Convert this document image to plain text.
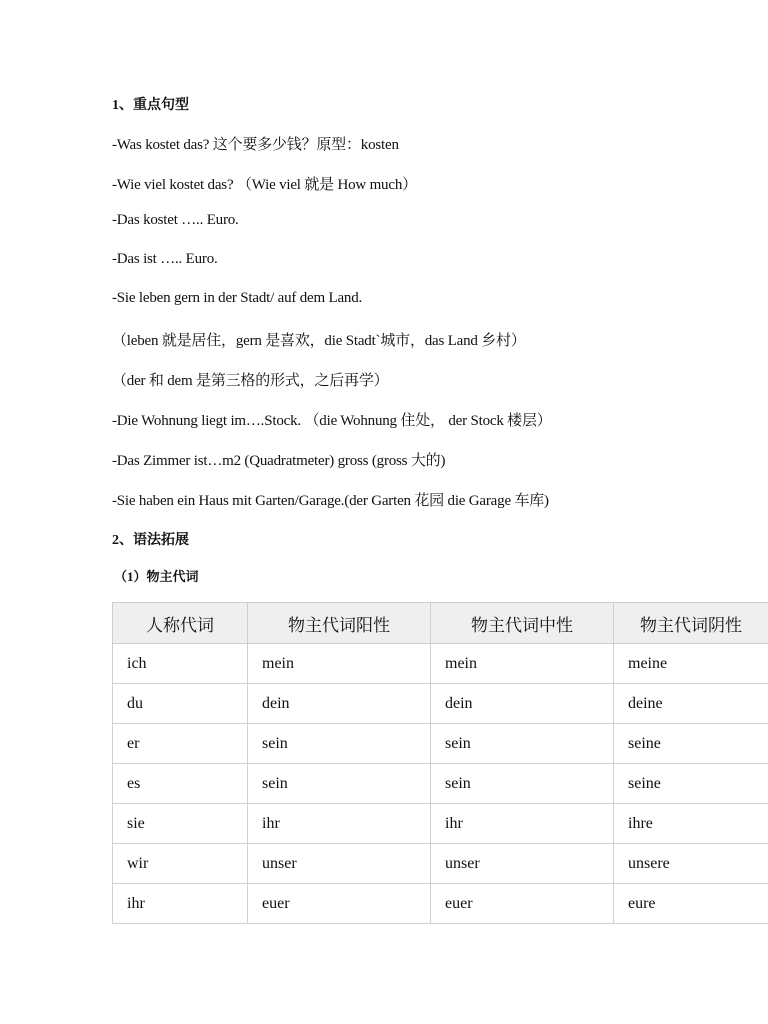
1、重点句型
-Was kostet das? 这个要多少钱？原型：kosten
-Wie viel kostet das? （Wie viel 就是 How much）
-Das kostet ….. Euro.
-Das ist ….. Euro.
-Sie leben gern in der Stadt/ auf dem Land.
（leben 就是居住，gern 是喜欢，die Stadt`城市，das Land 乡村）
（der 和 dem 是第三格的形式，之后再学）
-Die Wohnung liegt im….Stock. （die Wohnung 住处， der Stock 楼层）
-Das Zimmer ist…m2 (Quadratmeter) gross (gross 大的)
-Sie haben ein Haus mit Garten/Garage.(der Garten 花园 die Garage 车库)
2、语法拓展
（1）物主代词
人称代词	物主代词阳性	物主代词中性	物主代词阴性
ich	mein	mein	meine
du	dein	dein	deine
er	sein	sein	seine
es	sein	sein	seine
sie	ihr	ihr	ihre
wir	unser	unser	unsere
ihr	euer	euer	eure
